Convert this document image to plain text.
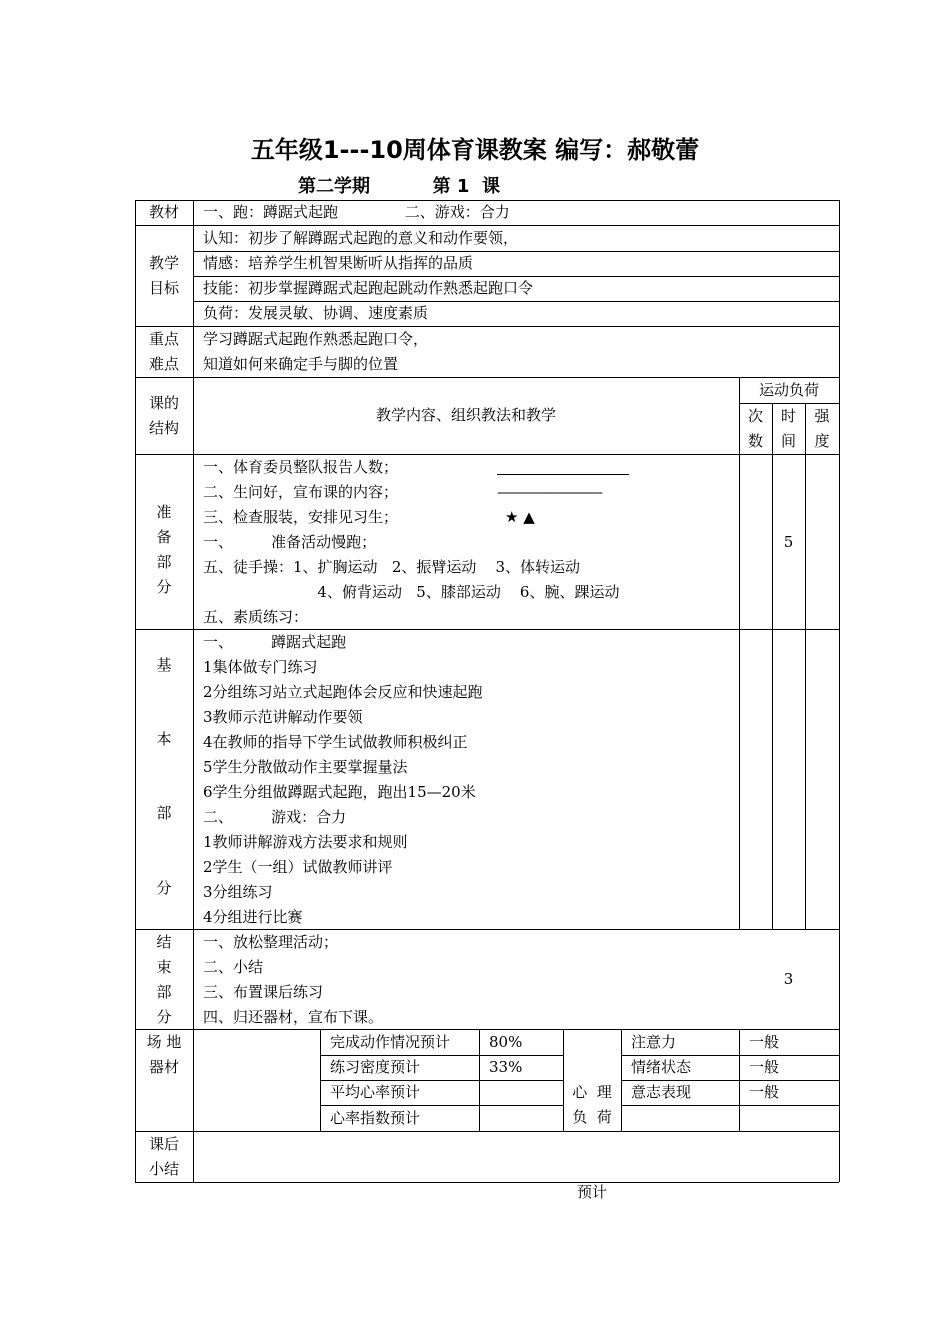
五年级1---10周体育课教案 编写：郝敬蕾
第二学期          第 1  课
教材	一、跑：蹲踞式起跑              二、游戏：合力
教学
目标
认知：初步了解蹲踞式起跑的意义和动作要领，
情感：培养学生机智果断听从指挥的品质
技能：初步掌握蹲踞式起跑起跳动作熟悉起跑口令
负荷：发展灵敏、协调、速度素质
重点
难点
学习蹲踞式起跑作熟悉起跑口令，
知道如何来确定手与脚的位置
课的
结构
教学内容、组织教法和教学
运动负荷
次
数
时
间
强
度
准
备
部
分
一、体育委员整队报告人数；
二、生问好，宣布课的内容；
三、检查服装，安排见习生；
一、        准备活动慢跑；
五、徒手操：1、扩胸运动   2、振臂运动    3、体转运动
4、俯背运动   5、膝部运动    6、腕、踝运动
五、素质练习：
————————
★ ▲
5
基
本
部
分
一、        蹲踞式起跑
1集体做专门练习
2分组练习站立式起跑体会反应和快速起跑
3教师示范讲解动作要领
4在教师的指导下学生试做教师积极纠正
5学生分散做动作主要掌握量法
6学生分组做蹲踞式起跑，跑出15—20米
二、        游戏：合力
1教师讲解游戏方法要求和规则
2学生（一组）试做教师讲评
3分组练习
4分组进行比赛
结
束
部
分
一、放松整理活动；
二、小结
三、布置课后练习
四、归还器材，宣布下课。
3
场 地
器材
完成动作情况预计
练习密度预计
平均心率预计
心率指数预计
80%
33%

心  理
负  荷

预计

注意力
情绪状态
意志表现
一般
一般
一般
课后
小结
